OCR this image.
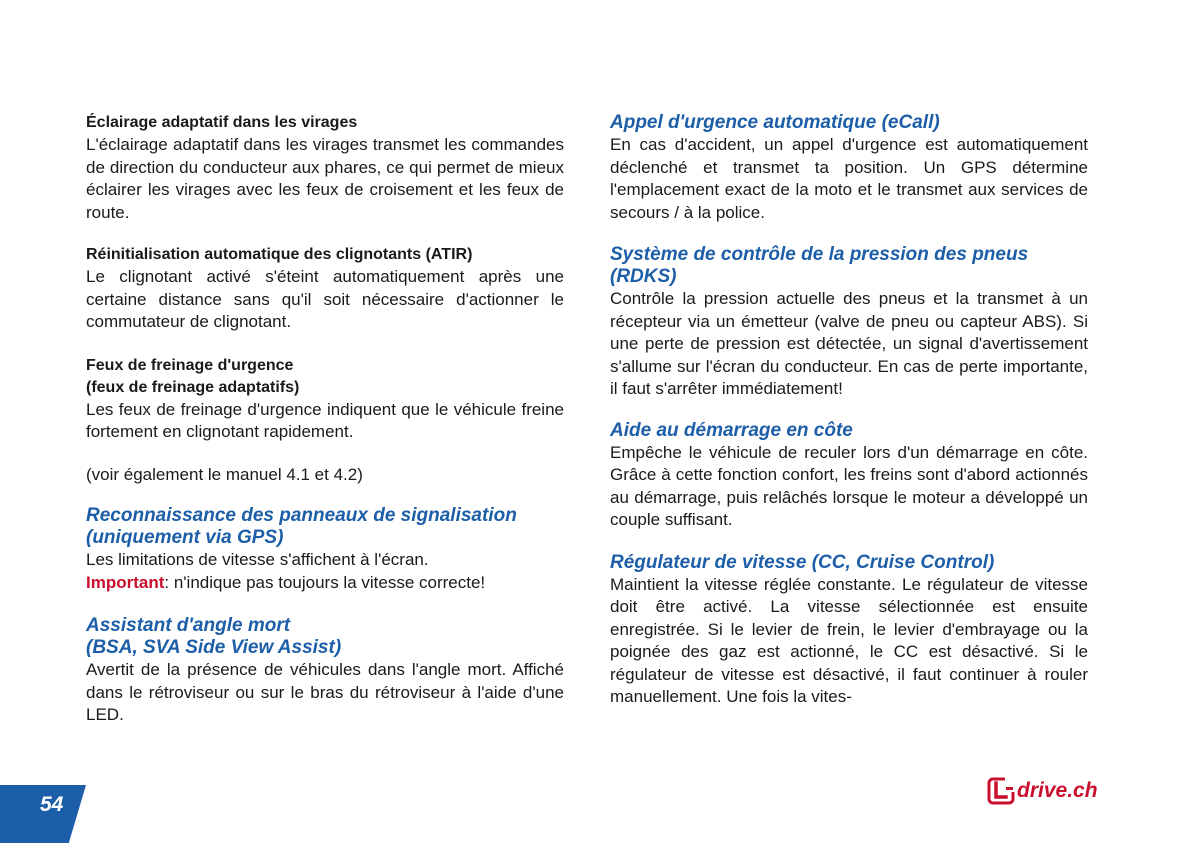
Éclairage adaptatif dans les virages

L'éclairage adaptatif dans les virages transmet les commandes de direction du conducteur aux phares, ce qui permet de mieux éclairer les virages avec les feux de croisement et les feux de route.

Réinitialisation automatique des clignotants (ATIR)

Le clignotant activé s'éteint automatiquement après une certaine distance sans qu'il soit nécessaire d'actionner le commutateur de clignotant.

Feux de freinage d'urgence
(feux de freinage adaptatifs)

Les feux de freinage d'urgence indiquent que le véhicule freine fortement en clignotant rapidement.

(voir également le manuel 4.1 et 4.2)

Reconnaissance des panneaux de signalisation
(uniquement via GPS)

Les limitations de vitesse s'affichent à l'écran.

Important: n'indique pas toujours la vitesse correcte!

Assistant d'angle mort
(BSA, SVA Side View Assist)

Avertit de la présence de véhicules dans l'angle mort. Affiché dans le rétroviseur ou sur le bras du rétroviseur à l'aide d'une LED.

Appel d'urgence automatique (eCall)

En cas d'accident, un appel d'urgence est automatiquement déclenché et transmet ta position. Un GPS détermine l'emplacement exact de la moto et le transmet aux services de secours / à la police.

Système de contrôle de la pression des pneus
(RDKS)

Contrôle la pression actuelle des pneus et la transmet à un récepteur via un émetteur (valve de pneu ou capteur ABS). Si une perte de pression est détectée, un signal d'avertissement s'allume sur l'écran du conducteur. En cas de perte importante, il faut s'arrêter immédiatement!

Aide au démarrage en côte

Empêche le véhicule de reculer lors d'un démarrage en côte. Grâce à cette fonction confort, les freins sont d'abord actionnés au démarrage, puis relâchés lorsque le moteur a développé un couple suffisant.

Régulateur de vitesse (CC, Cruise Control)

Maintient la vitesse réglée constante. Le régulateur de vitesse doit être activé. La vitesse sélectionnée est ensuite enregistrée. Si le levier de frein, le levier d'embrayage ou la poignée des gaz est actionné, le CC est désactivé. Si le régulateur de vitesse est désactivé, il faut continuer à rouler manuellement. Une fois la vites-

54
drive.ch
